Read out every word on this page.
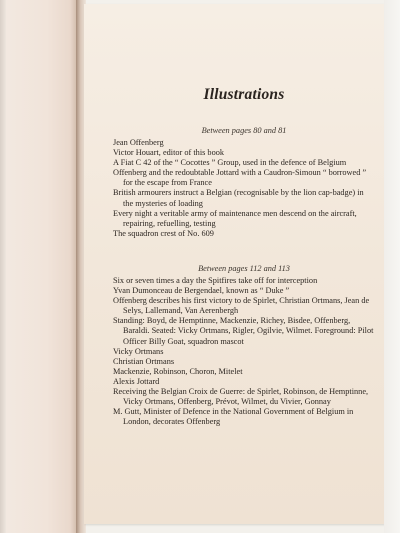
Illustrations
Between pages 80 and 81
Jean Offenberg
Victor Houart, editor of this book
A Fiat C 42 of the “ Cocottes ” Group, used in the defence of Belgium
Offenberg and the redoubtable Jottard with a Caudron-Simoun “ borrowed ” for the escape from France
British armourers instruct a Belgian (recognisable by the lion cap-badge) in the mysteries of loading
Every night a veritable army of maintenance men descend on the aircraft, repairing, refuelling, testing
The squadron crest of No. 609
Between pages 112 and 113
Six or seven times a day the Spitfires take off for interception
Yvan Dumonceau de Bergendael, known as “ Duke ”
Offenberg describes his first victory to de Spirlet, Christian Ortmans, Jean de Selys, Lallemand, Van Aerenbergh
Standing: Boyd, de Hemptinne, Mackenzie, Richey, Bisdee, Offenberg, Baraldi. Seated: Vicky Ortmans, Rigler, Ogilvie, Wilmet. Foreground: Pilot Officer Billy Goat, squadron mascot
Vicky Ortmans
Christian Ortmans
Mackenzie, Robinson, Choron, Mitelet
Alexis Jottard
Receiving the Belgian Croix de Guerre: de Spirlet, Robinson, de Hemptinne, Vicky Ortmans, Offenberg, Prévot, Wilmet, du Vivier, Gonnay
M. Gutt, Minister of Defence in the National Government of Belgium in London, decorates Offenberg
